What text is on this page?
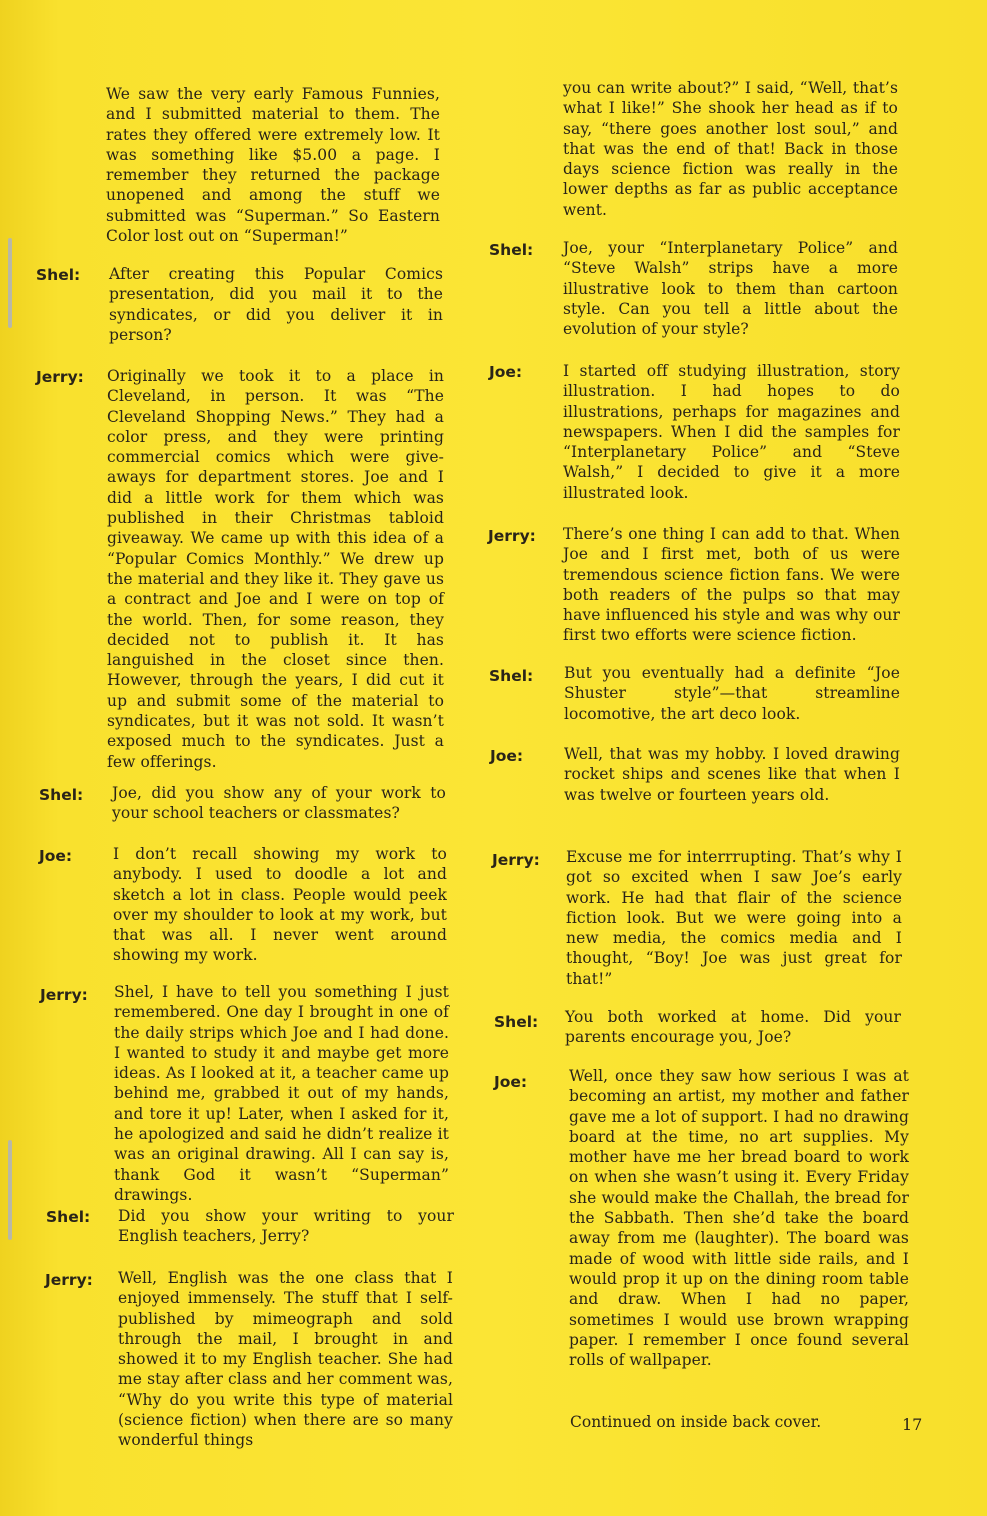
We saw the very early Famous Funnies, and I submitted material to them. The rates they offered were extremely low. It was something like $5.00 a page. I remember they returned the package unopened and among the stuff we submitted was “Superman.” So Eastern Color lost out on “Superman!”
Shel: After creating this Popular Comics presentation, did you mail it to the syndicates, or did you deliver it in person?
Jerry: Originally we took it to a place in Cleveland, in person. It was “The Cleveland Shopping News.” They had a color press, and they were printing commercial comics which were give-aways for department stores. Joe and I did a little work for them which was published in their Christmas tabloid giveaway. We came up with this idea of a “Popular Comics Monthly.” We drew up the material and they like it. They gave us a contract and Joe and I were on top of the world. Then, for some reason, they decided not to publish it. It has languished in the closet since then. However, through the years, I did cut it up and submit some of the material to syndicates, but it was not sold. It wasn’t exposed much to the syndicates. Just a few offerings.
Shel: Joe, did you show any of your work to your school teachers or classmates?
Joe:	I don’t recall showing my work to anybody. I used to doodle a lot and sketch a lot in class. People would peek over my shoulder to look at my work, but that was all. I never went around showing my work.
Jerry: Shel, I have to tell you something I just remembered. One day I brought in one of the daily strips which Joe and I had done. I wanted to study it and maybe get more ideas. As I looked at it, a teacher came up behind me, grabbed it out of my hands, and tore it up! Later, when I asked for it, he apologized and said he didn’t realize it was an original drawing. All I can say is, thank God it wasn’t “Superman” drawings.
Shel: Did you show your writing to your English teachers, Jerry?
Jerry: Well, English was the one class that I enjoyed immensely. The stuff that I self-published by mimeograph and sold through the mail, I brought in and showed it to my English teacher. She had me stay after class and her comment was, “Why do you write this type of material (science fiction) when there are so many wonderful things
you can write about?” I said, “Well, that’s what I like!” She shook her head as if to say, “there goes another lost soul,” and that was the end of that! Back in those days science fiction was really in the lower depths as far as public acceptance went.
Shel: Joe, your “Interplanetary Police” and “Steve Walsh” strips have a more illustrative look to them than cartoon style. Can you tell a little about the evolution of your style?
Joe:	I started off studying illustration, story illustration. I had hopes to do illustrations, perhaps for magazines and newspapers. When I did the samples for “Interplanetary Police” and “Steve Walsh,” I decided to give it a more illustrated look.
Jerry: There’s one thing I can add to that. When Joe and I first met, both of us were tremendous science fiction fans. We were both readers of the pulps so that may have influenced his style and was why our first two efforts were science fiction.
Shel: But you eventually had a definite “Joe Shuster style”—that streamline locomotive, the art deco look.
Joe:	Well, that was my hobby. I loved drawing rocket ships and scenes like that when I was twelve or fourteen years old.
Jerry: Excuse me for interrrupting. That’s why I got so excited when I saw Joe’s early work. He had that flair of the science fiction look. But we were going into a new media, the comics media and I thought, “Boy! Joe was just great for that!”
Shel: You both worked at home. Did your parents encourage you, Joe?
Joe:	Well, once they saw how serious I was at becoming an artist, my mother and father gave me a lot of support. I had no drawing board at the time, no art supplies. My mother have me her bread board to work on when she wasn’t using it. Every Friday she would make the Challah, the bread for the Sabbath. Then she’d take the board away from me (laughter). The board was made of wood with little side rails, and I would prop it up on the dining room table and draw. When I had no paper, sometimes I would use brown wrapping paper. I remember I once found several rolls of wallpaper.
Continued on inside back cover.	17
